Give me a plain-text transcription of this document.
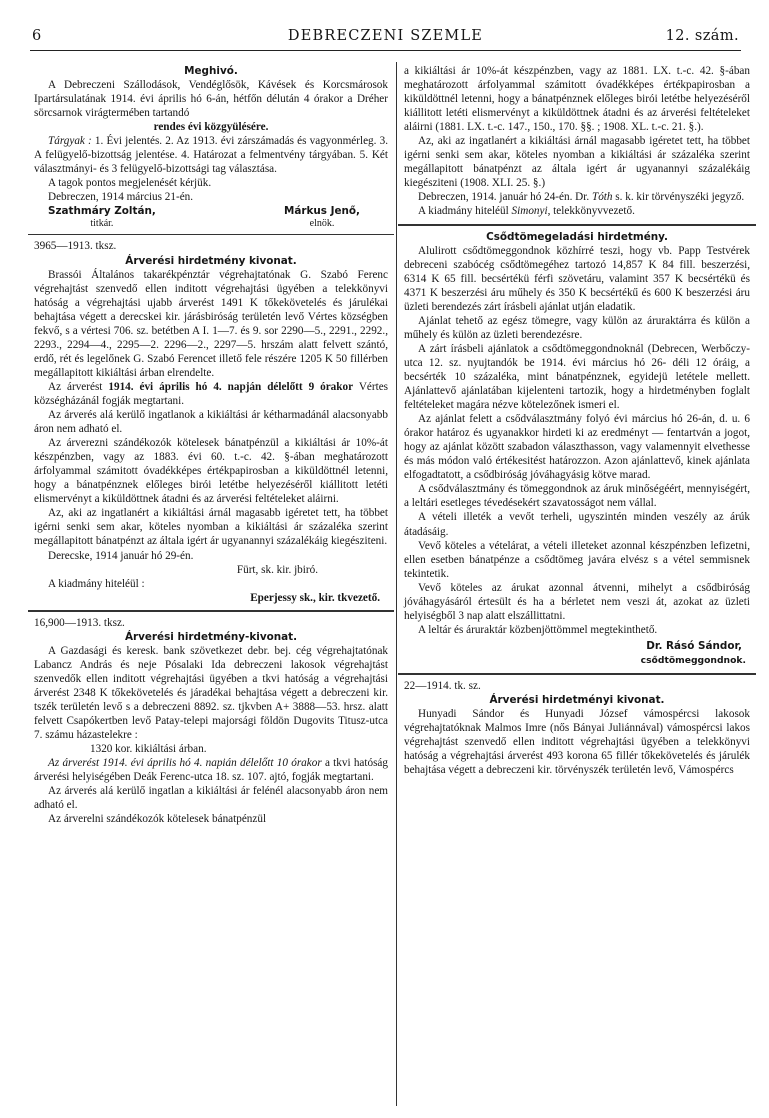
6	DEBRECZENI SZEMLE	12. szám.

Meghivó.

A Debreczeni Szállodások, Vendéglősök, Kávések és Korcsmárosok Ipartársulatának 1914. évi április hó 6-án, hétfőn délután 4 órakor a Dréher sörcsarnok virágtermében tartandó

rendes évi közgyülésére.

Tárgyak : 1. Évi jelentés. 2. Az 1913. évi zárszámadás és vagyonmérleg. 3. A felügyelő-bizottság jelentése. 4. Határozat a felmentvény tárgyában. 5. Két választmányi- és 3 felügyelő-bizottsági tag választása.

A tagok pontos megjelenését kérjük.

Debreczen, 1914 március 21-én.

Szathmáry Zoltán,
titkár.
Márkus Jenő,
elnök.

3965—1913. tksz.

Árverési hirdetmény kivonat.

Brassói Általános takarékpénztár végrehajtatónak G. Szabó Ferenc végrehajtást szenvedő ellen inditott végrehajtási ügyében a telekkönyvi hatóság a végrehajtási ujabb árverést 1491 K tőkekövetelés és járulékai behajtása végett a derecskei kir. járásbiróság területén levő Vértes községben fekvő, s a vértesi 706. sz. betétben A I. 1—7. és 9. sor 2290—5., 2291., 2292., 2293., 2294—4., 2295—2. 2296—2., 2297—5. hrszám alatt felvett szántó, erdő, rét és legelőnek G. Szabó Ferencet illető fele részére 1205 K 50 fillérben megállapitott kikiáltási árban elrendelte.

Az árverést 1914. évi április hó 4. napján délelőtt 9 órakor Vértes községházánál fogják megtartani.

Az árverés alá kerülő ingatlanok a kikiáltási ár kétharmadánál alacsonyabb áron nem adható el.

Az árverezni szándékozók kötelesek bánatpénzül a kikiáltási ár 10%-át készpénzben, vagy az 1883. évi 60. t.-c. 42. §-ában meghatározott árfolyammal számitott óvadékképes értékpapirosban a kiküldöttnél letenni, hogy a bánatpénznek előleges birói letétbe helyezéséről kiállitott letéti elismervényt a kiküldöttnek átadni és az árverési feltételeket aláirni.

Az, aki az ingatlanért a kikiáltási árnál magasabb igéretet tett, ha többet igérni senki sem akar, köteles nyomban a kikiáltási ár százaléka szerint megállapitott bánatpénzt az általa igért ár ugyanannyi százalékáig kiegésziteni.

Derecske, 1914 január hó 29-én.

Fürt, sk. kir. jbiró.

A kiadmány hiteléül :

Eperjessy sk., kir. tkvezető.

16,900—1913. tksz.

Árverési hirdetmény-kivonat.

A Gazdasági és keresk. bank szövetkezet debr. bej. cég végrehajtatónak Labancz András és neje Pósalaki Ida debreczeni lakosok végrehajtást szenvedők ellen inditott végrehajtási ügyében a tkvi hatóság a végrehajtási árverést 2348 K tőkekövetelés és járadékai behajtása végett a debreczeni kir. tszék területén levő s a debreczeni 8892. sz. tjkvben A+ 3888—53. hrsz. alatt felvett Csapókertben levő Patay-telepi majorsági földön Dugovits Titusz-utca 7. számu házastelekre :

1320 kor. kikiáltási árban.

Az árverést 1914. évi április hó 4. napián délelőtt 10 órakor a tkvi hatóság árverési helyiségében Deák Ferenc-utca 18. sz. 107. ajtó, fogják megtartani.

Az árverés alá kerülő ingatlan a kikiáltási ár felénél alacsonyabb áron nem adható el.

Az árverelni szándékozók kötelesek bánatpénzül

a kikiáltási ár 10%-át készpénzben, vagy az 1881. LX. t.-c. 42. §-ában meghatározott árfolyammal számitott óvadékképes értékpapirosban a kiküldöttnél letenni, hogy a bánatpénznek előleges birói letétbe helyezéséről kiállitott letéti elismervényt a kiküldöttnek átadni és az árverési feltételeket aláirni (1881. LX. t.-c. 147., 150., 170. §§. ; 1908. XL. t.-c. 21. §.).

Az, aki az ingatlanért a kikiáltási árnál magasabb igéretet tett, ha többet igérni senki sem akar, köteles nyomban a kikiáltási ár százaléka szerint megállapitott bánatpénzt az általa igért ár ugyanannyi százalékáig kiegésziteni (1908. XLI. 25. §.)

Debreczen, 1914. január hó 24-én. Dr. Tóth s. k. kir törvényszéki jegyző.

A kiadmány hiteléül Simonyi, telekkönyvvezető.

Csődtömegeladási hirdetmény.

Alulirott csődtömeggondnok közhírré teszi, hogy vb. Papp Testvérek debreceni szabócég csődtömegéhez tartozó 14,857 K 84 fill. beszerzési, 6314 K 65 fill. becsértékü férfi szövetáru, valamint 357 K becsértékü és 4371 K beszerzési áru műhely és 350 K becsértékű és 600 K beszerzési áru üzleti berendezés zárt írásbeli ajánlat utján eladatik.

Ajánlat tehető az egész tömegre, vagy külön az áruraktárra és külön a műhely és külön az üzleti berendezésre.

A zárt írásbeli ajánlatok a csődtömeggondnoknál (Debrecen, Werbőczy-utca 12. sz. nyujtandók be 1914. évi március hó 26- déli 12 óráig, a becsérték 10 százaléka, mint bánatpénznek, egyidejü letétele mellett. Ajánlattevő ajánlatában kijelenteni tartozik, hogy a hirdetményben foglalt feltételeket magára nézve kötelezőnek ismeri el.

Az ajánlat felett a csődválasztmány folyó évi március hó 26-án, d. u. 6 órakor határoz és ugyanakkor hirdeti ki az eredményt — fentartván a jogot, hogy az ajánlat között szabadon választhasson, vagy valamennyit elvethesse és más módon való értékesitést határozzon. Azon ajánlattevő, kinek ajánlata elfogadtatott, a csődbiróság jóváhagyásig kötve marad.

A csődválasztmány és tömeggondnok az áruk minőségéért, mennyiségért, a leltári esetleges tévedésekért szavatosságot nem vállal.

A vételi illeték a vevőt terheli, ugyszintén minden veszély az árúk átadásáig.

Vevő köteles a vételárat, a vételi illeteket azonnal készpénzben lefizetni, ellen esetben bánatpénze a csődtömeg javára elvész s a vétel semmisnek tekintetik.

Vevő köteles az árukat azonnal átvenni, mihelyt a csődbiróság jóváhagyásáról értesült és ha a bérletet nem veszi át, azokat az üzleti helyiségből 3 nap alatt elszállittatni.

A leltár és áruraktár közbenjöttömmel megtekinthető.

Dr. Rásó Sándor,

csődtömeggondnok.

22—1914. tk. sz.

Árverési hirdetményi kivonat.

Hunyadi Sándor és Hunyadi József vámospércsi lakosok végrehajtatóknak Malmos Imre (nős Bányai Juliánnával) vámospércsi lakos végrehajtást szenvedő ellen inditott végrehajtási ügyében a telekkönyvi hatóság a végrehajtási árverést 493 korona 65 fillér tőkekövetelés és járulék behajtása végett a debreczeni kir. törvényszék területén levő, Vámospércs
